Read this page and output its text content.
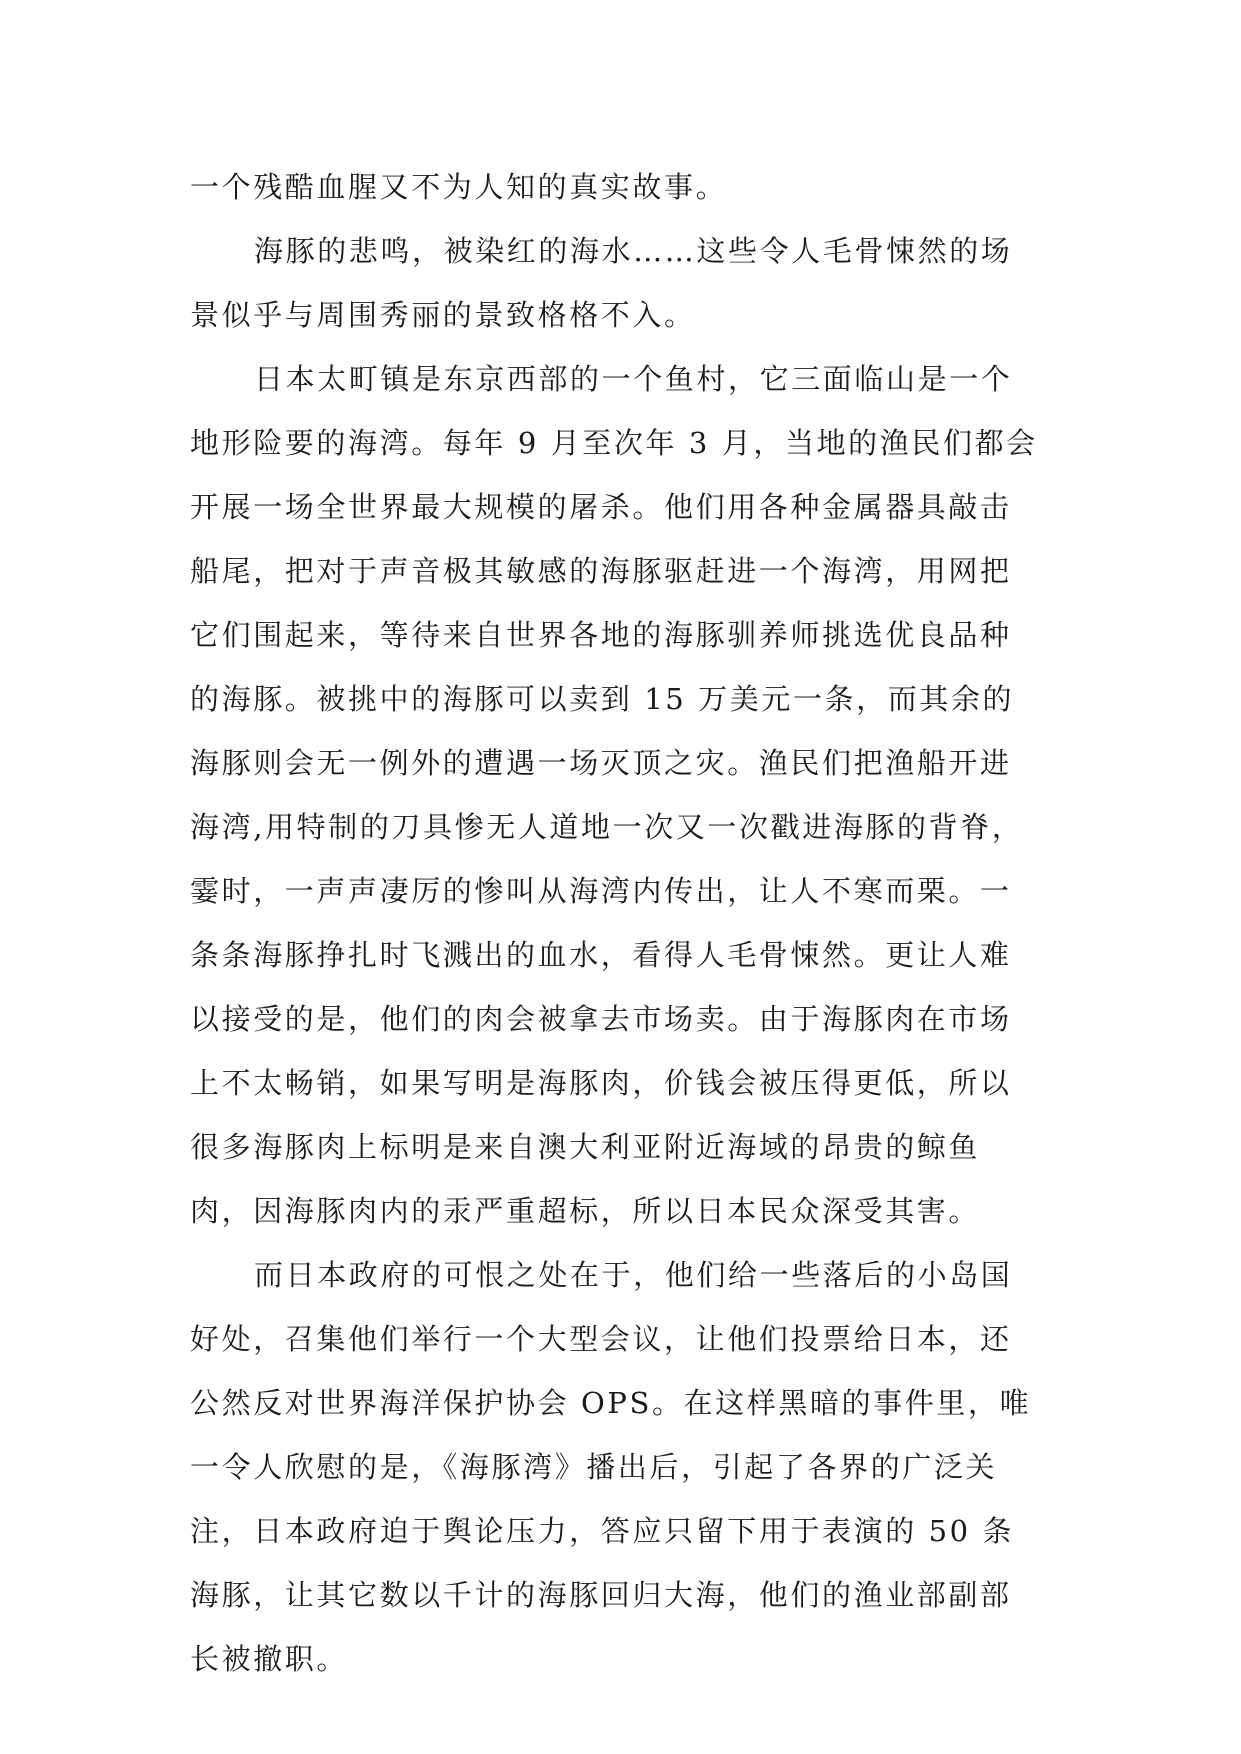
一个残酷血腥又不为人知的真实故事。
海豚的悲鸣，被染红的海水……这些令人毛骨悚然的场
景似乎与周围秀丽的景致格格不入。
日本太町镇是东京西部的一个鱼村，它三面临山是一个
地形险要的海湾。每年 9 月至次年 3 月，当地的渔民们都会
开展一场全世界最大规模的屠杀。他们用各种金属器具敲击
船尾，把对于声音极其敏感的海豚驱赶进一个海湾，用网把
它们围起来，等待来自世界各地的海豚驯养师挑选优良品种
的海豚。被挑中的海豚可以卖到 15 万美元一条，而其余的
海豚则会无一例外的遭遇一场灭顶之灾。渔民们把渔船开进
海湾,用特制的刀具惨无人道地一次又一次戳进海豚的背脊，
霎时，一声声凄厉的惨叫从海湾内传出，让人不寒而栗。一
条条海豚挣扎时飞溅出的血水，看得人毛骨悚然。更让人难
以接受的是，他们的肉会被拿去市场卖。由于海豚肉在市场
上不太畅销，如果写明是海豚肉，价钱会被压得更低，所以
很多海豚肉上标明是来自澳大利亚附近海域的昂贵的鲸鱼
肉，因海豚肉内的汞严重超标，所以日本民众深受其害。
而日本政府的可恨之处在于，他们给一些落后的小岛国
好处，召集他们举行一个大型会议，让他们投票给日本，还
公然反对世界海洋保护协会 OPS。在这样黑暗的事件里，唯
一令人欣慰的是，《海豚湾》播出后，引起了各界的广泛关
注，日本政府迫于舆论压力，答应只留下用于表演的 50 条
海豚，让其它数以千计的海豚回归大海，他们的渔业部副部
长被撤职。
